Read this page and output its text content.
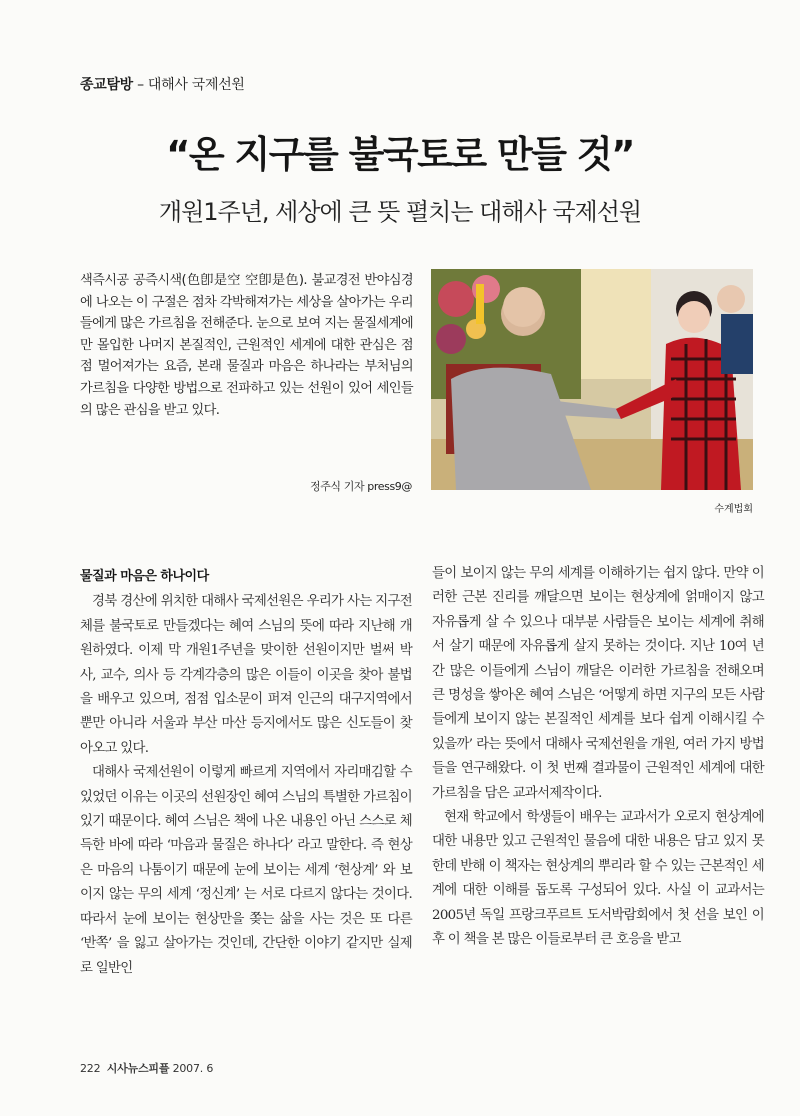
종교탐방 – 대해사 국제선원
“온 지구를 불국토로 만들 것”
개원1주년, 세상에 큰 뜻 펼치는 대해사 국제선원

색즉시공 공즉시색(色卽是空 空卽是色). 불교경전 반야심경에 나오는 이 구절은 점차 각박해져가는 세상을 살아가는 우리들에게 많은 가르침을 전해준다. 눈으로 보여 지는 물질세계에만 몰입한 나머지 본질적인, 근원적인 세계에 대한 관심은 점점 멀어져가는 요즘, 본래 물질과 마음은 하나라는 부처님의 가르침을 다양한 방법으로 전파하고 있는 선원이 있어 세인들의 많은 관심을 받고 있다.

정주식 기자 press9@
수계법회
물질과 마음은 하나이다

경북 경산에 위치한 대해사 국제선원은 우리가 사는 지구전체를 불국토로 만들겠다는 혜여 스님의 뜻에 따라 지난해 개원하였다. 이제 막 개원1주년을 맞이한 선원이지만 벌써 박사, 교수, 의사 등 각계각층의 많은 이들이 이곳을 찾아 불법을 배우고 있으며, 점점 입소문이 퍼져 인근의 대구지역에서 뿐만 아니라 서울과 부산 마산 등지에서도 많은 신도들이 찾아오고 있다.

대해사 국제선원이 이렇게 빠르게 지역에서 자리매김할 수 있었던 이유는 이곳의 선원장인 혜여 스님의 특별한 가르침이 있기 때문이다. 혜여 스님은 책에 나온 내용인 아닌 스스로 체득한 바에 따라 ‘마음과 물질은 하나다’ 라고 말한다. 즉 현상은 마음의 나툼이기 때문에 눈에 보이는 세계 ‘현상계’ 와 보이지 않는 무의 세계 ‘정신계’ 는 서로 다르지 않다는 것이다. 따라서 눈에 보이는 현상만을 쫒는 삶을 사는 것은 또 다른 ‘반쪽’ 을 잃고 살아가는 것인데, 간단한 이야기 같지만 실제로 일반인

들이 보이지 않는 무의 세계를 이해하기는 쉽지 않다. 만약 이러한 근본 진리를 깨달으면 보이는 현상계에 얽매이지 않고 자유롭게 살 수 있으나 대부분 사람들은 보이는 세계에 취해서 살기 때문에 자유롭게 살지 못하는 것이다. 지난 10여 년간 많은 이들에게 스님이 깨달은 이러한 가르침을 전해오며 큰 명성을 쌓아온 혜여 스님은 ‘어떻게 하면 지구의 모든 사람들에게 보이지 않는 본질적인 세계를 보다 쉽게 이해시킬 수 있을까’ 라는 뜻에서 대해사 국제선원을 개원, 여러 가지 방법들을 연구해왔다. 이 첫 번째 결과물이 근원적인 세계에 대한 가르침을 담은 교과서제작이다.

현재 학교에서 학생들이 배우는 교과서가 오로지 현상계에 대한 내용만 있고 근원적인 물음에 대한 내용은 담고 있지 못한데 반해 이 책자는 현상계의 뿌리라 할 수 있는 근본적인 세계에 대한 이해를 돕도록 구성되어 있다. 사실 이 교과서는 2005년 독일 프랑크푸르트 도서박람회에서 첫 선을 보인 이후 이 책을 본 많은 이들로부터 큰 호응을 받고

222 시사뉴스피플 2007. 6
